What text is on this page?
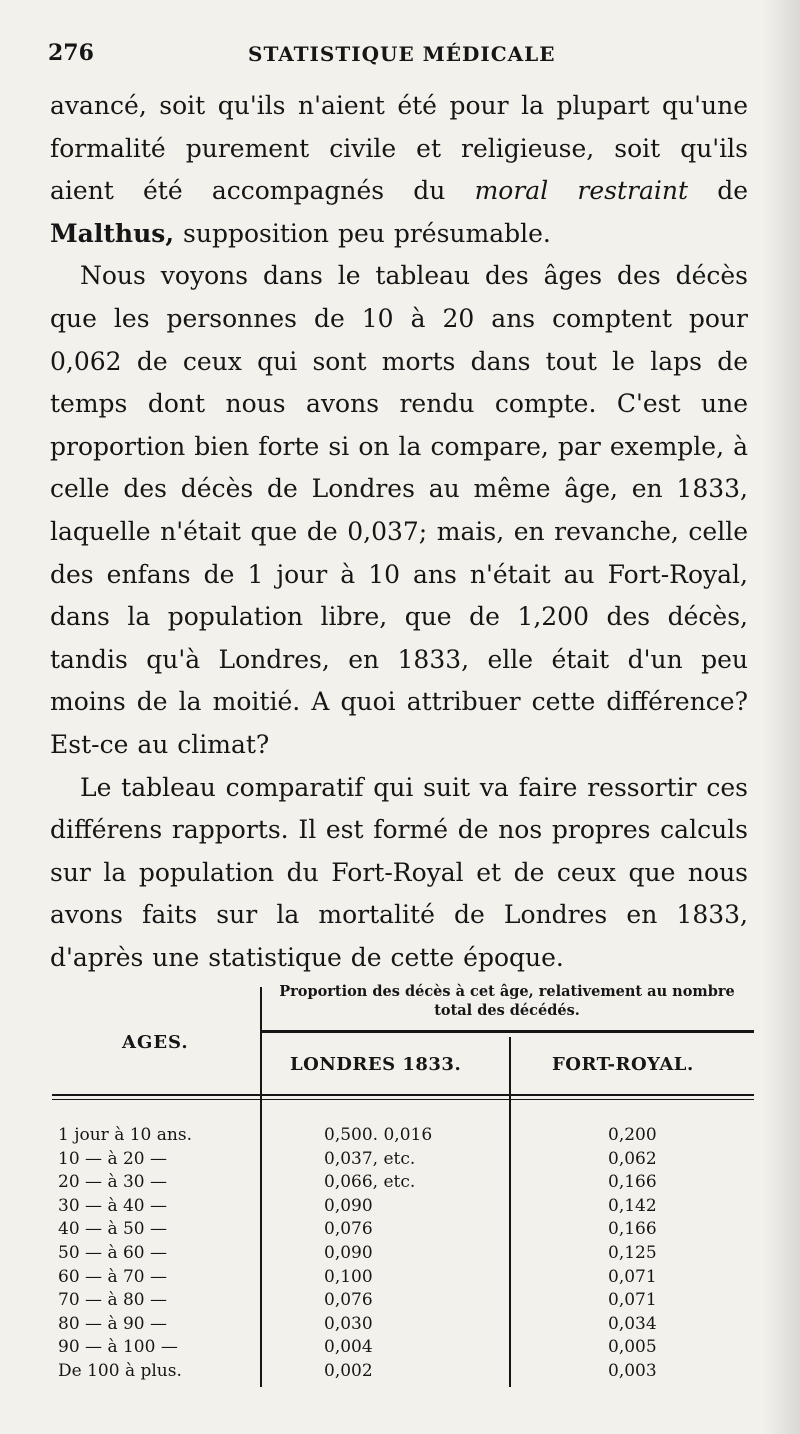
276	STATISTIQUE MÉDICALE

avancé, soit qu'ils n'aient été pour la plupart qu'une formalité purement civile et religieuse, soit qu'ils aient été accompagnés du moral restraint de Malthus, supposition peu présumable.

Nous voyons dans le tableau des âges des décès que les personnes de 10 à 20 ans comptent pour 0,062 de ceux qui sont morts dans tout le laps de temps dont nous avons rendu compte. C'est une proportion bien forte si on la compare, par exemple, à celle des décès de Londres au même âge, en 1833, laquelle n'était que de 0,037; mais, en revanche, celle des enfans de 1 jour à 10 ans n'était au Fort-Royal, dans la population libre, que de 1,200 des décès, tandis qu'à Londres, en 1833, elle était d'un peu moins de la moitié. A quoi attribuer cette différence? Est-ce au climat?

Le tableau comparatif qui suit va faire ressortir ces différens rapports. Il est formé de nos propres calculs sur la population du Fort-Royal et de ceux que nous avons faits sur la mortalité de Londres en 1833, d'après une statistique de cette époque.

Proportion des décès à cet âge, relativement au nombre total des décédés.
AGES.
LONDRES 1833.	FORT-ROYAL.
1 jour à 10 ans.	0,500. 0,016	0,200
10 — à 20 —	0,037, etc.	0,062
20 — à 30 —	0,066, etc.	0,166
30 — à 40 —	0,090	0,142
40 — à 50 —	0,076	0,166
50 — à 60 —	0,090	0,125
60 — à 70 —	0,100	0,071
70 — à 80 —	0,076	0,071
80 — à 90 —	0,030	0,034
90 — à 100 —	0,004	0,005
De 100 à plus.	0,002	0,003
